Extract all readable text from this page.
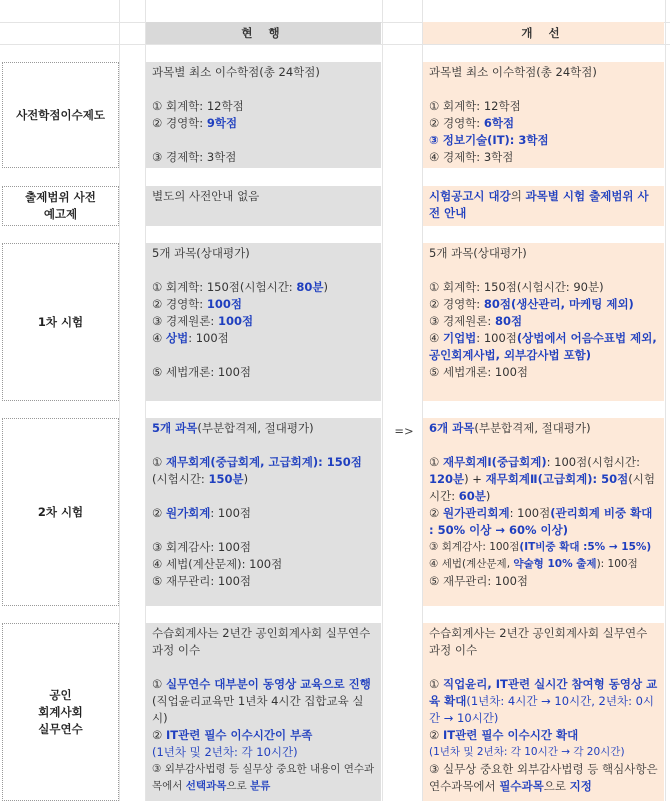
현 행	개 선
사전학점이수제도

과목별 최소 이수학점(총 24학점)

① 회계학: 12학점

② 경영학: 9학점

③ 경제학: 3학점

과목별 최소 이수학점(총 24학점)

① 회계학: 12학점

② 경영학: 6학점

③ 정보기술(IT): 3학점

④ 경제학: 3학점

출제범위 사전
예고제

별도의 사전안내 없음	시험공고시 대강의 과목별 시험 출제범위 사전 안내

1차 시험

5개 과목(상대평가)

① 회계학: 150점(시험시간: 80분)

② 경영학: 100점

③ 경제원론: 100점

④ 상법: 100점

⑤ 세법개론: 100점

5개 과목(상대평가)

① 회계학: 150점(시험시간: 90분)

② 경영학: 80점(생산관리, 마케팅 제외)

③ 경제원론: 80점

④ 기업법: 100점(상법에서 어음수표법 제외, 공인회계사법, 외부감사법 포함)

⑤ 세법개론: 100점

=>
2차 시험

5개 과목(부분합격제, 절대평가)

① 재무회계(중급회계, 고급회계): 150점

(시험시간: 150분)

② 원가회계: 100점

③ 회계감사: 100점

④ 세법(계산문제): 100점

⑤ 재무관리: 100점

6개 과목(부분합격제, 절대평가)

① 재무회계Ⅰ(중급회계): 100점(시험시간: 120분) + 재무회계Ⅱ(고급회계): 50점(시험시간: 60분)

② 원가관리회계: 100점(관리회계 비중 확대 : 50% 이상 → 60% 이상)

③ 회계감사: 100점(IT비중 확대 :5% → 15%)

④ 세법(계산문제, 약술형 10% 출제): 100점

⑤ 재무관리: 100점

공인
회계사회
실무연수

수습회계사는 2년간 공인회계사회 실무연수과정 이수

① 실무연수 대부분이 동영상 교육으로 진행(직업윤리교육만 1년차 4시간 집합교육 실시)

② IT관련 필수 이수시간이 부족

(1년차 및 2년차: 각 10시간)

③ 외부감사법령 등 실무상 중요한 내용이 연수과목에서 선택과목으로 분류

수습회계사는 2년간 공인회계사회 실무연수과정 이수

① 직업윤리, IT관련 실시간 참여형 동영상 교육 확대(1년차: 4시간 → 10시간, 2년차: 0시간 → 10시간)

② IT관련 필수 이수시간 확대

(1년차 및 2년차: 각 10시간 → 각 20시간)

③ 실무상 중요한 외부감사법령 등 핵심사항은 연수과목에서 필수과목으로 지정
